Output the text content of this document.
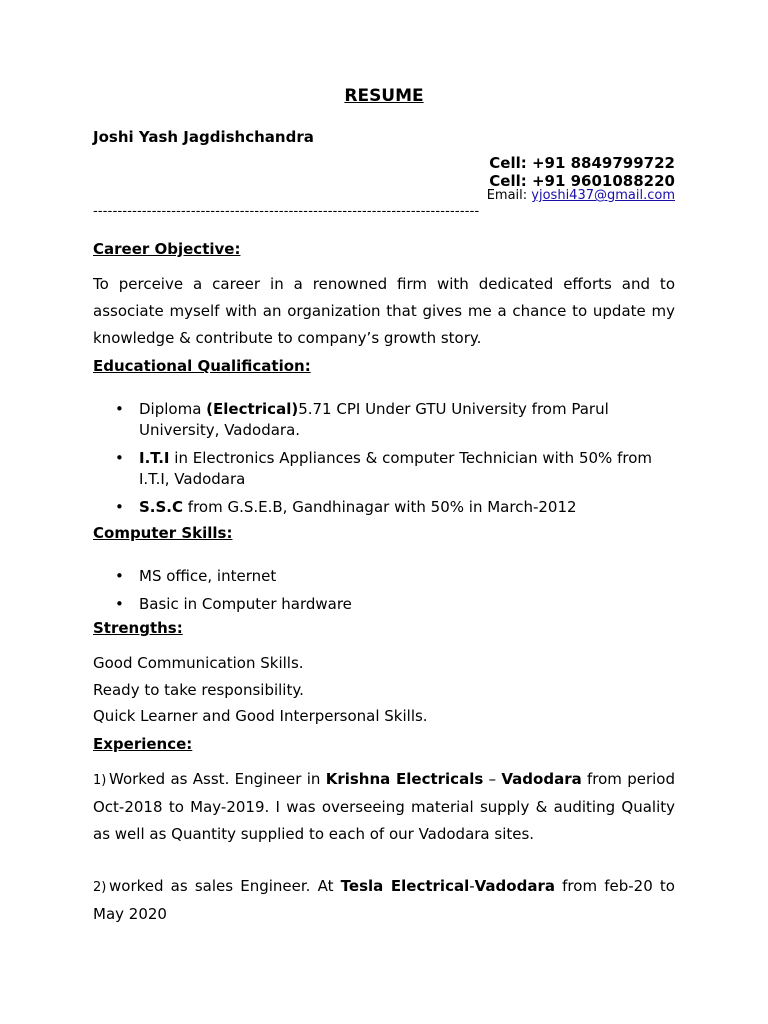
RESUME
Joshi Yash Jagdishchandra
Cell: +91 8849799722
Cell: +91 9601088220
Email: yjoshi437@gmail.com
-------------------------------------------------------------------------------
Career Objective:
To perceive a career in a renowned firm with dedicated efforts and to associate myself with an organization that gives me a chance to update my knowledge & contribute to company’s growth story.
Educational Qualification:
• Diploma (Electrical)5.71 CPI Under GTU University from Parul University, Vadodara.
• I.T.I in Electronics Appliances & computer Technician with 50% from I.T.I, Vadodara
• S.S.C from G.S.E.B, Gandhinagar with 50% in March-2012
Computer Skills:
• MS office, internet
• Basic in Computer hardware
Strengths:
Good Communication Skills.
Ready to take responsibility.
Quick Learner and Good Interpersonal Skills.
Experience:
1) Worked as Asst. Engineer in Krishna Electricals – Vadodara from period Oct-2018 to May-2019. I was overseeing material supply & auditing Quality as well as Quantity supplied to each of our Vadodara sites.
2) worked as sales Engineer. At Tesla Electrical-Vadodara from feb-20 to May 2020
